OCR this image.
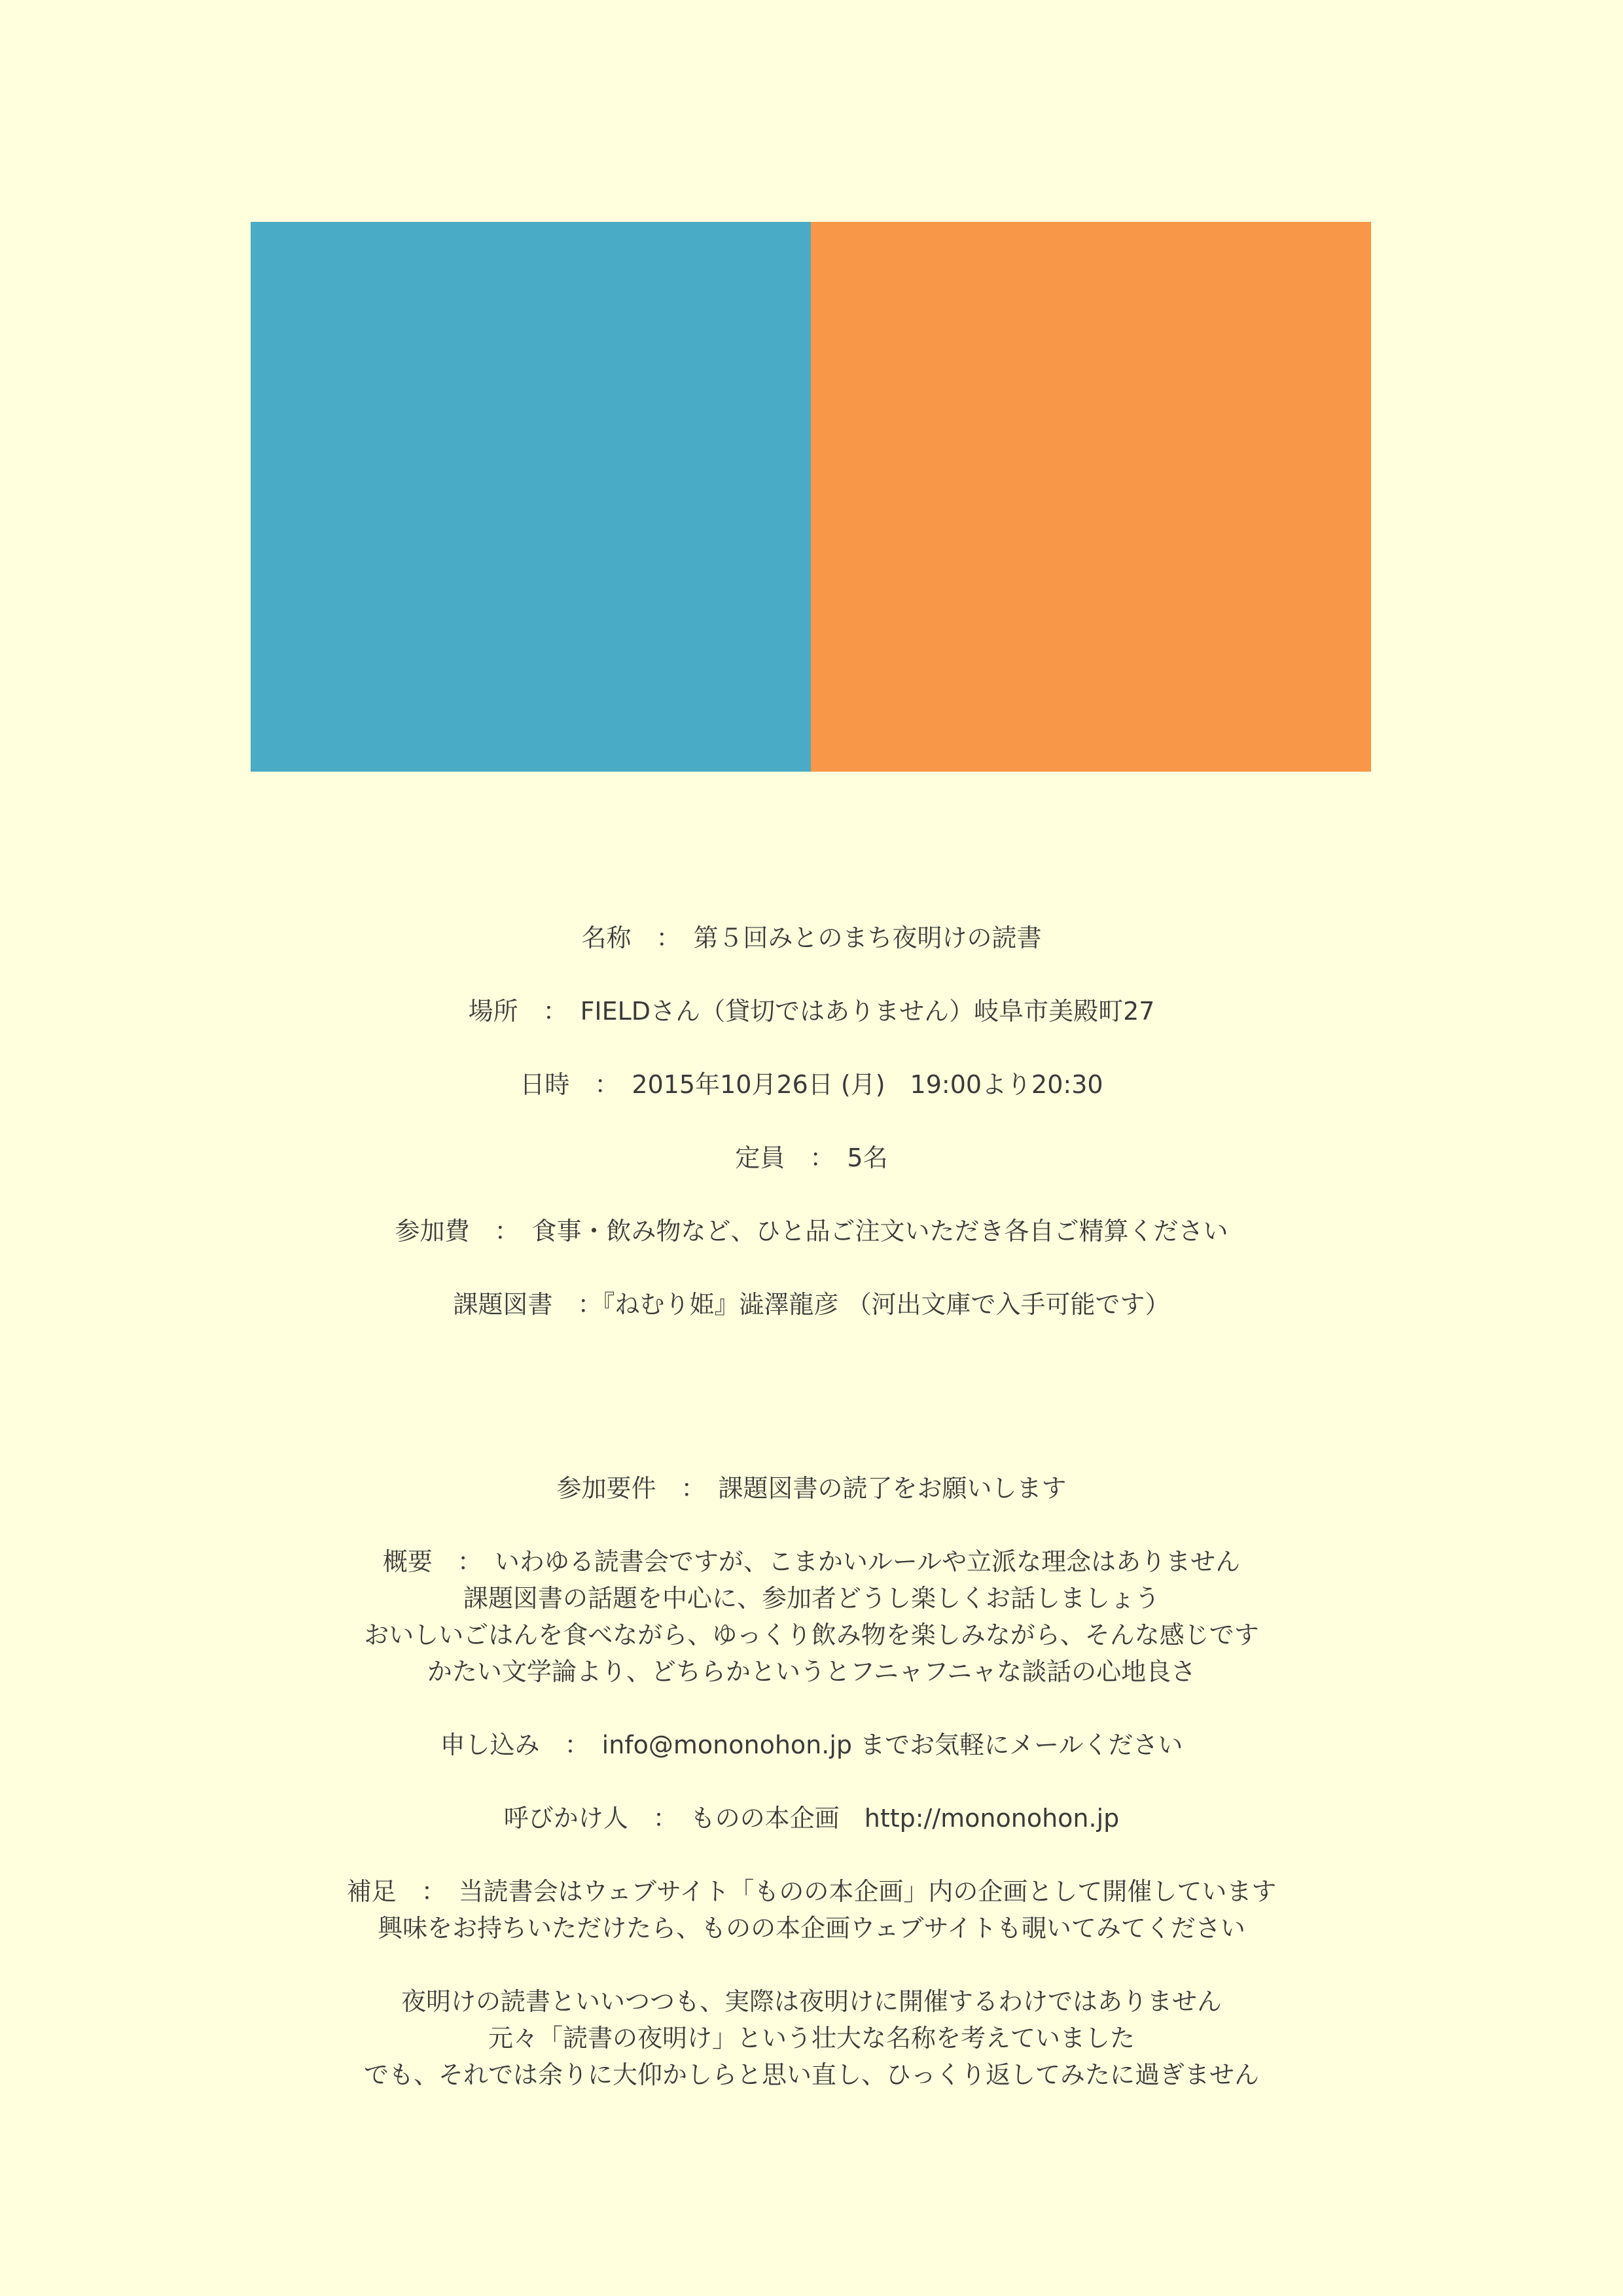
名称　：　第５回みとのまち夜明けの読書
場所　：　FIELDさん（貸切ではありません）岐阜市美殿町27
日時　：　2015年10月26日 (月)　19:00より20:30
定員　：　5名
参加費　：　食事・飲み物など、ひと品ご注文いただき各自ご精算ください
課題図書　：『ねむり姫』澁澤龍彦 （河出文庫で入手可能です）
参加要件　：　課題図書の読了をお願いします
概要　：　いわゆる読書会ですが、こまかいルールや立派な理念はありません
課題図書の話題を中心に、参加者どうし楽しくお話しましょう
おいしいごはんを食べながら、ゆっくり飲み物を楽しみながら、そんな感じです
かたい文学論より、どちらかというとフニャフニャな談話の心地良さ
申し込み　：　info@mononohon.jp までお気軽にメールください
呼びかけ人　：　ものの本企画　http://mononohon.jp
補足　：　当読書会はウェブサイト「ものの本企画」内の企画として開催しています
興味をお持ちいただけたら、ものの本企画ウェブサイトも覗いてみてください
夜明けの読書といいつつも、実際は夜明けに開催するわけではありません
元々「読書の夜明け」という壮大な名称を考えていました
でも、それでは余りに大仰かしらと思い直し、ひっくり返してみたに過ぎません
